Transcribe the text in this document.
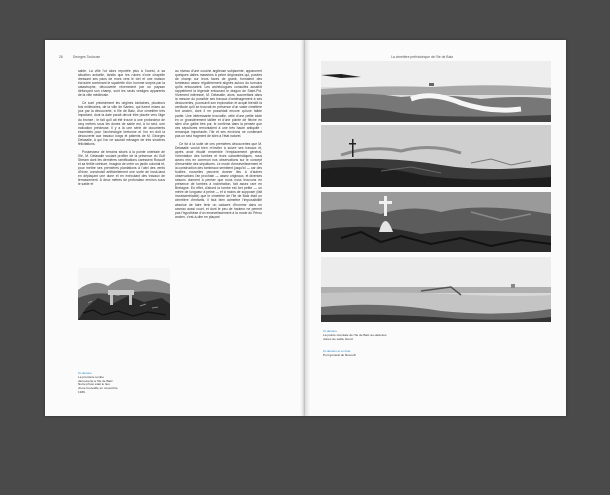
26	Georges Toulouse

sable. La ville l'ut alors reportée plus à l'ouest, à sa situation actuelle, tandis que les ruines d'une chapelle dressant ses pans de murs vers le ciel et une maison écroulée contenant le squelette d'un homme surpris par la catastrophe, découverte récemment par un paysan défonçant son champ, sont les seuls vestiges apparents de la ville médiévale.

Ce sont précisément les origines lointaines, plusieurs fois millénaires, de la ville de Santec, qui furent mises au jour par la découverte, à l'île de Batz, d'un cimetière très important, dont la date paraît devoir être placée vers l'âge du bronze ; le fait qu'il ait été trouvé à une profondeur de cinq mètres sous les dunes de sable est, à lui seul, une indication précieuse. Il y a là une série de documents essentiels pour l'archéologie bretonne et l'on en doit la découverte aux travaux longs et patients de M. Georges Delasalle, à qui l'on ne saurait ménager de très sincères félicitations.

Possesseur de terrains situés à la pointe orientale de l'île, M. Delasalle voulant profiter de la présence du Gulf Stream dont les dernières ramifications caressent Roscoff et sa fertile ceinture, imagina de créer un jardin colonial et, pour mettre ses premières plantations à l'abri des vents d'hiver, construisit artificiellement une sorte de bosk-land en déplaçant une dune et en exécutant des travaux de terrassement. À deux mètres de profondeur environ sous le sable et

Ci-dessus
La première tombe découverte à l'île de Batz. Notre photo était le lieu d'une trouvaille en novembre 1936.

au niveau d'une couche argileuse subjacente, apparurent quelques dalles massives à peine dégrossies qui, posées de champ sur leurs faces de granit, formaient des tombeaux assez régulièrement alignés autour du tumulus qu'ils entouraient. Les archéologues consultés aussitôt rappelèrent la légende entourant le dragon de Saint-Pol. Vivement intéressé, M. Delasalle, alors, soumettant dans la mesure du possible ses travaux d'aménagement à ses découvertes, poursuivit son exploration et acquit bientôt la certitude qu'il se trouvait en présence d'un vaste cimetière fort ancien, dont il ne possédait encore qu'une faible partie. Une intéressante trouvaille, celle d'une petite idole en or grossièrement taillée et d'une pointe de flèche en silex d'un galbe très pur, le confirma dans la pensée que ces sépultures remontaient à une très haute antiquité : remarque importante, l'île et ses environs ne contenant pas un seul fragment de silex à l'état naturel.

Ce fut à la suite de ces premières découvertes que M. Delasalle voulut bien m'inviter à suivre ses travaux et, après avoir étudié ensemble l'emplacement général, l'orientation des tombes et leurs caractéristiques, nous avons mis en commun nos observations sur le concept d'ensemble des sépultures. Le mode d'ensevelissement et la construction des tombeaux semblent jusqu'ici — car des fouilles nouvelles peuvent donner lieu à d'autres observations l'an prochain — assez originaux, et diverses raisons donnent à penser que nous nous trouvons en présence de tombes à incinération, fait assez rare en Bretagne. En effet, d'abord la tombe est fort petite — un mètre de longueur à peine — et à moins de supposer (fait invraisemblable) que le cimetière de l'île de Batz était un cimetière d'enfants, il faut bien admettre l'impossibilité absolue de faire tenir un cadavre d'homme dans un caveau aussi court, et dont le peu de hauteur ne permet pas l'hypothèse d'un ensevelissement à la mode du Pérou ancien, c'est-à-dire en plaçant

La cimetière préhistorique de l'île de Batz
Ci-dessus
La pointe orientale de l'île de Batz au-delà des dunes de sable blond.
Ci-dessus et en bas
Port général de Roscoff.
